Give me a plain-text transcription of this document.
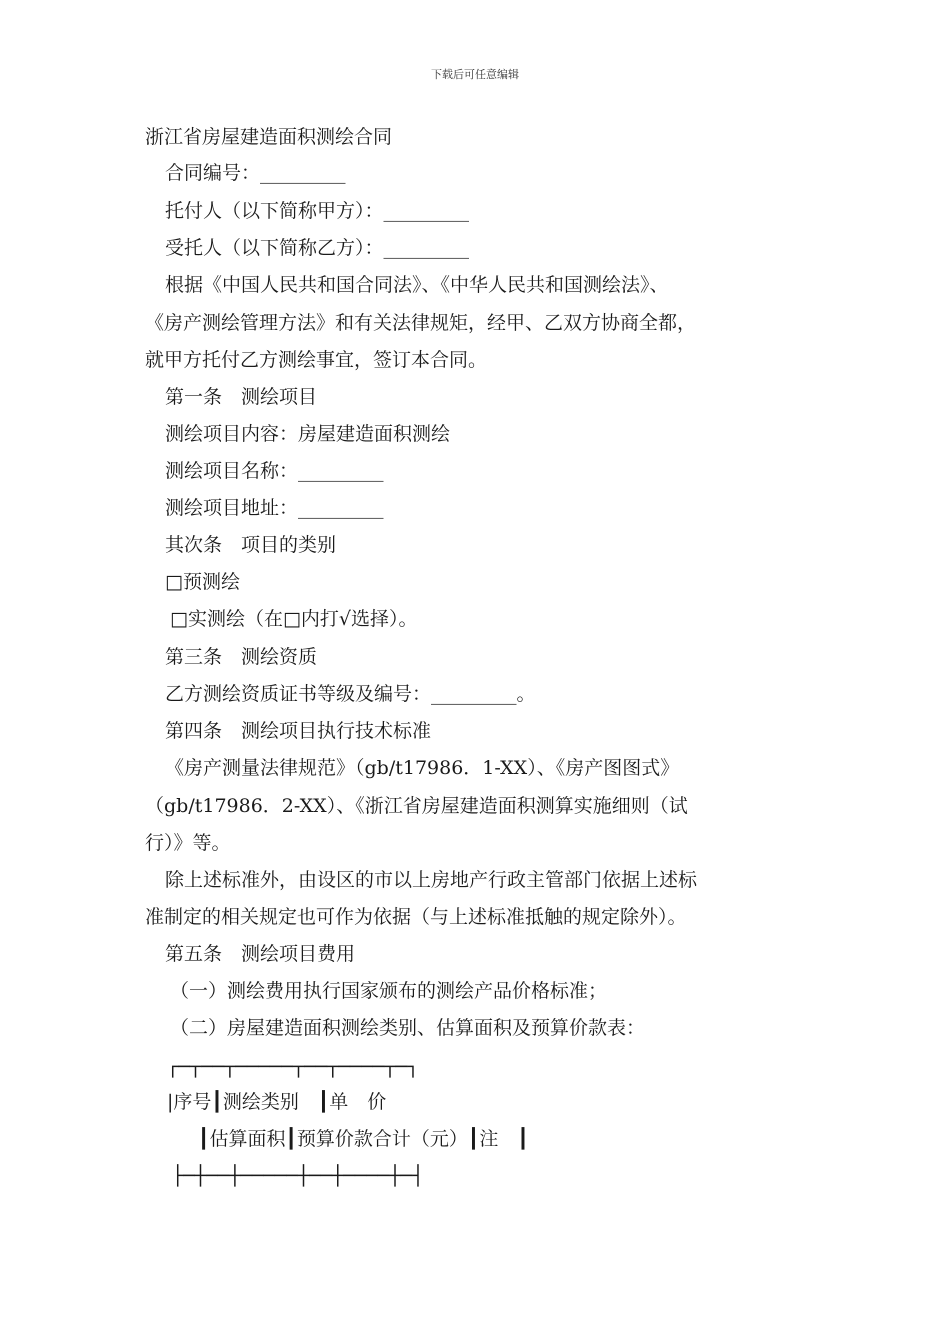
下载后可任意编辑
浙江省房屋建造面积测绘合同
合同编号：_________
托付人（以下简称甲方）：_________
受托人（以下简称乙方）：_________
根据《中国人民共和国合同法》、《中华人民共和国测绘法》、
《房产测绘管理方法》和有关法律规矩，经甲、乙双方协商全都，
就甲方托付乙方测绘事宜，签订本合同。
第一条　测绘项目
测绘项目内容：房屋建造面积测绘
测绘项目名称：_________
测绘项目地址：_________
其次条　项目的类别
□预测绘
□实测绘（在□内打√选择）。
第三条　测绘资质
乙方测绘资质证书等级及编号：_________。
第四条　测绘项目执行技术标准
《房产测量法律规范》（gb/t17986．1-XX）、《房产图图式》
（gb/t17986．2-XX）、《浙江省房屋建造面积测算实施细则（试
行）》等。
除上述标准外，由设区的市以上房地产行政主管部门依据上述标
准制定的相关规定也可作为依据（与上述标准抵触的规定除外）。
第五条　测绘项目费用
（一）测绘费用执行国家颁布的测绘产品价格标准；
（二）房屋建造面积测绘类别、估算面积及预算价款表：
┌─┬──┬─────┬──┬────┬─┐
|序号┃测绘类别　┃单　价
┃估算面积┃预算价款合计（元）┃注　┃
├─┼──┼─────┼──┼────┼─┤
